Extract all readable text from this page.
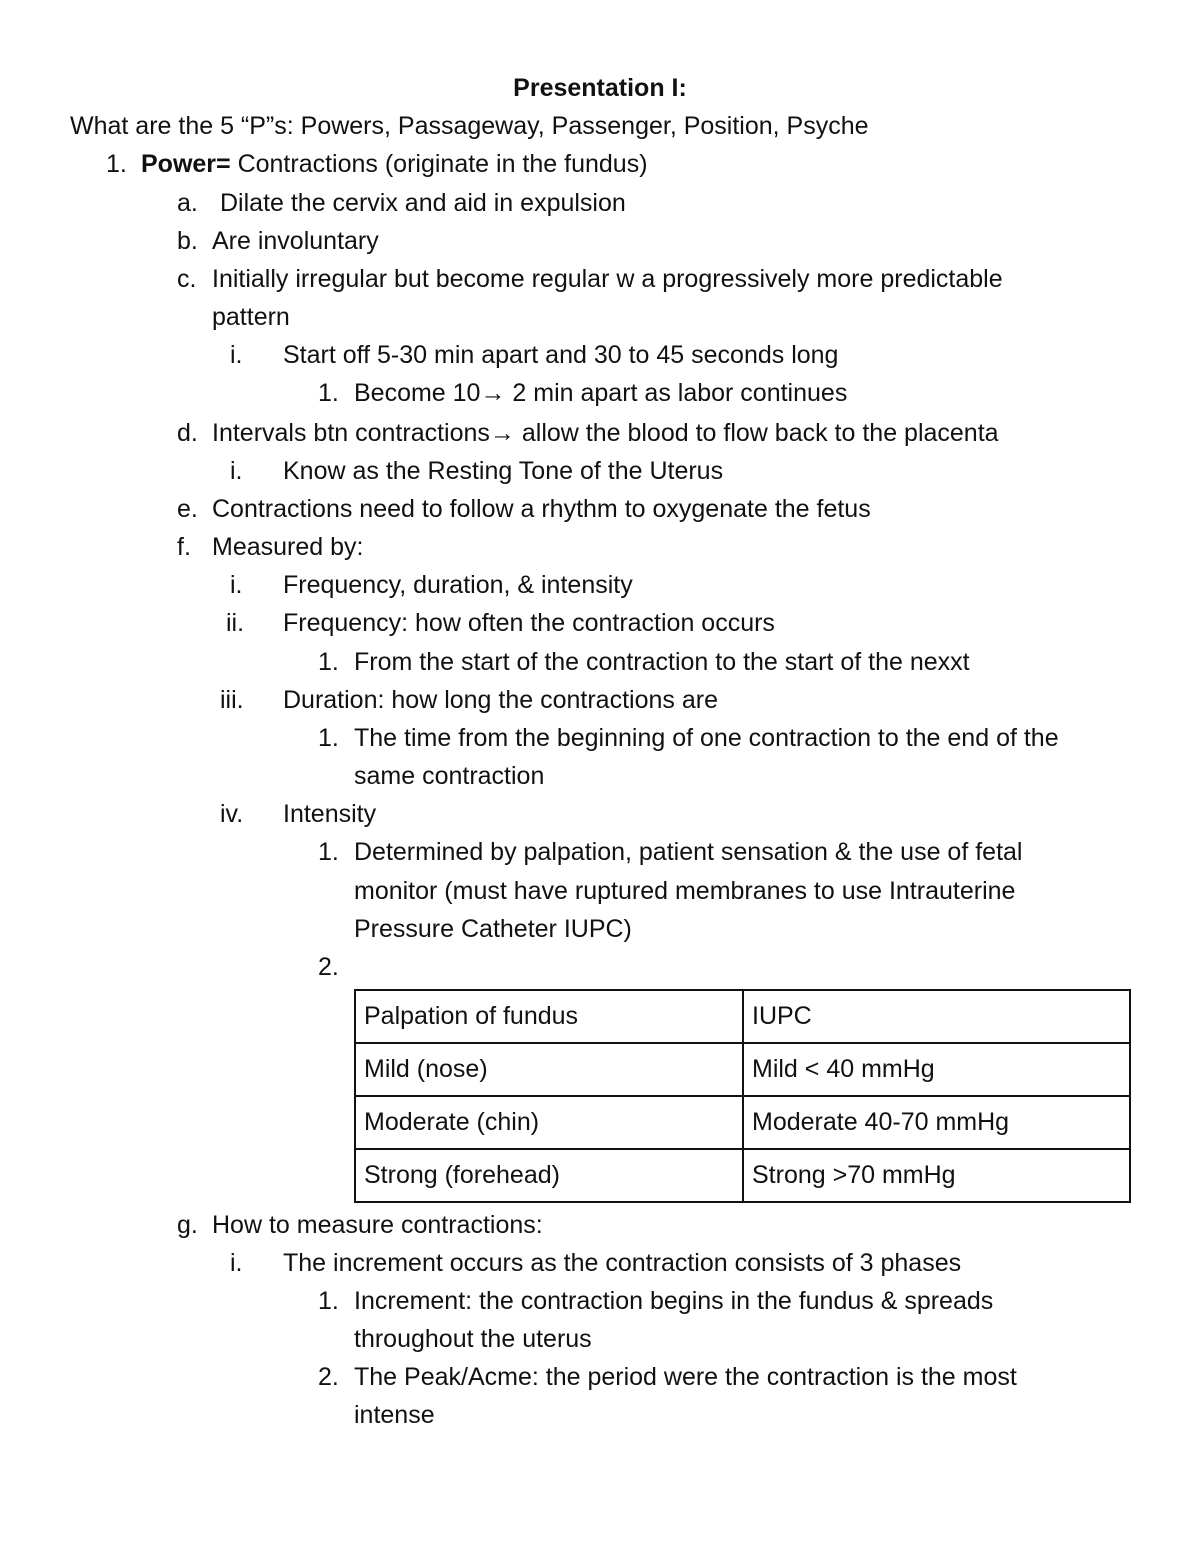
Presentation I:
What are the 5 “P”s: Powers, Passageway, Passenger, Position, Psyche
1. Power= Contractions (originate in the fundus)
a. Dilate the cervix and aid in expulsion
b. Are involuntary
c. Initially irregular but become regular w a progressively more predictable
pattern
i. Start off 5-30 min apart and 30 to 45 seconds long
1. Become 10→ 2 min apart as labor continues
d. Intervals btn contractions→ allow the blood to flow back to the placenta
i. Know as the Resting Tone of the Uterus
e. Contractions need to follow a rhythm to oxygenate the fetus
f. Measured by:
i. Frequency, duration, & intensity
ii. Frequency: how often the contraction occurs
1. From the start of the contraction to the start of the nexxt
iii. Duration: how long the contractions are
1. The time from the beginning of one contraction to the end of the
same contraction
iv. Intensity
1. Determined by palpation, patient sensation & the use of fetal
monitor (must have ruptured membranes to use Intrauterine
Pressure Catheter IUPC)
2.
Palpation of fundus	IUPC
Mild (nose)	Mild < 40 mmHg
Moderate (chin)	Moderate 40-70 mmHg
Strong (forehead)	Strong >70 mmHg
g. How to measure contractions:
i. The increment occurs as the contraction consists of 3 phases
1. Increment: the contraction begins in the fundus & spreads
throughout the uterus
2. The Peak/Acme: the period were the contraction is the most
intense
